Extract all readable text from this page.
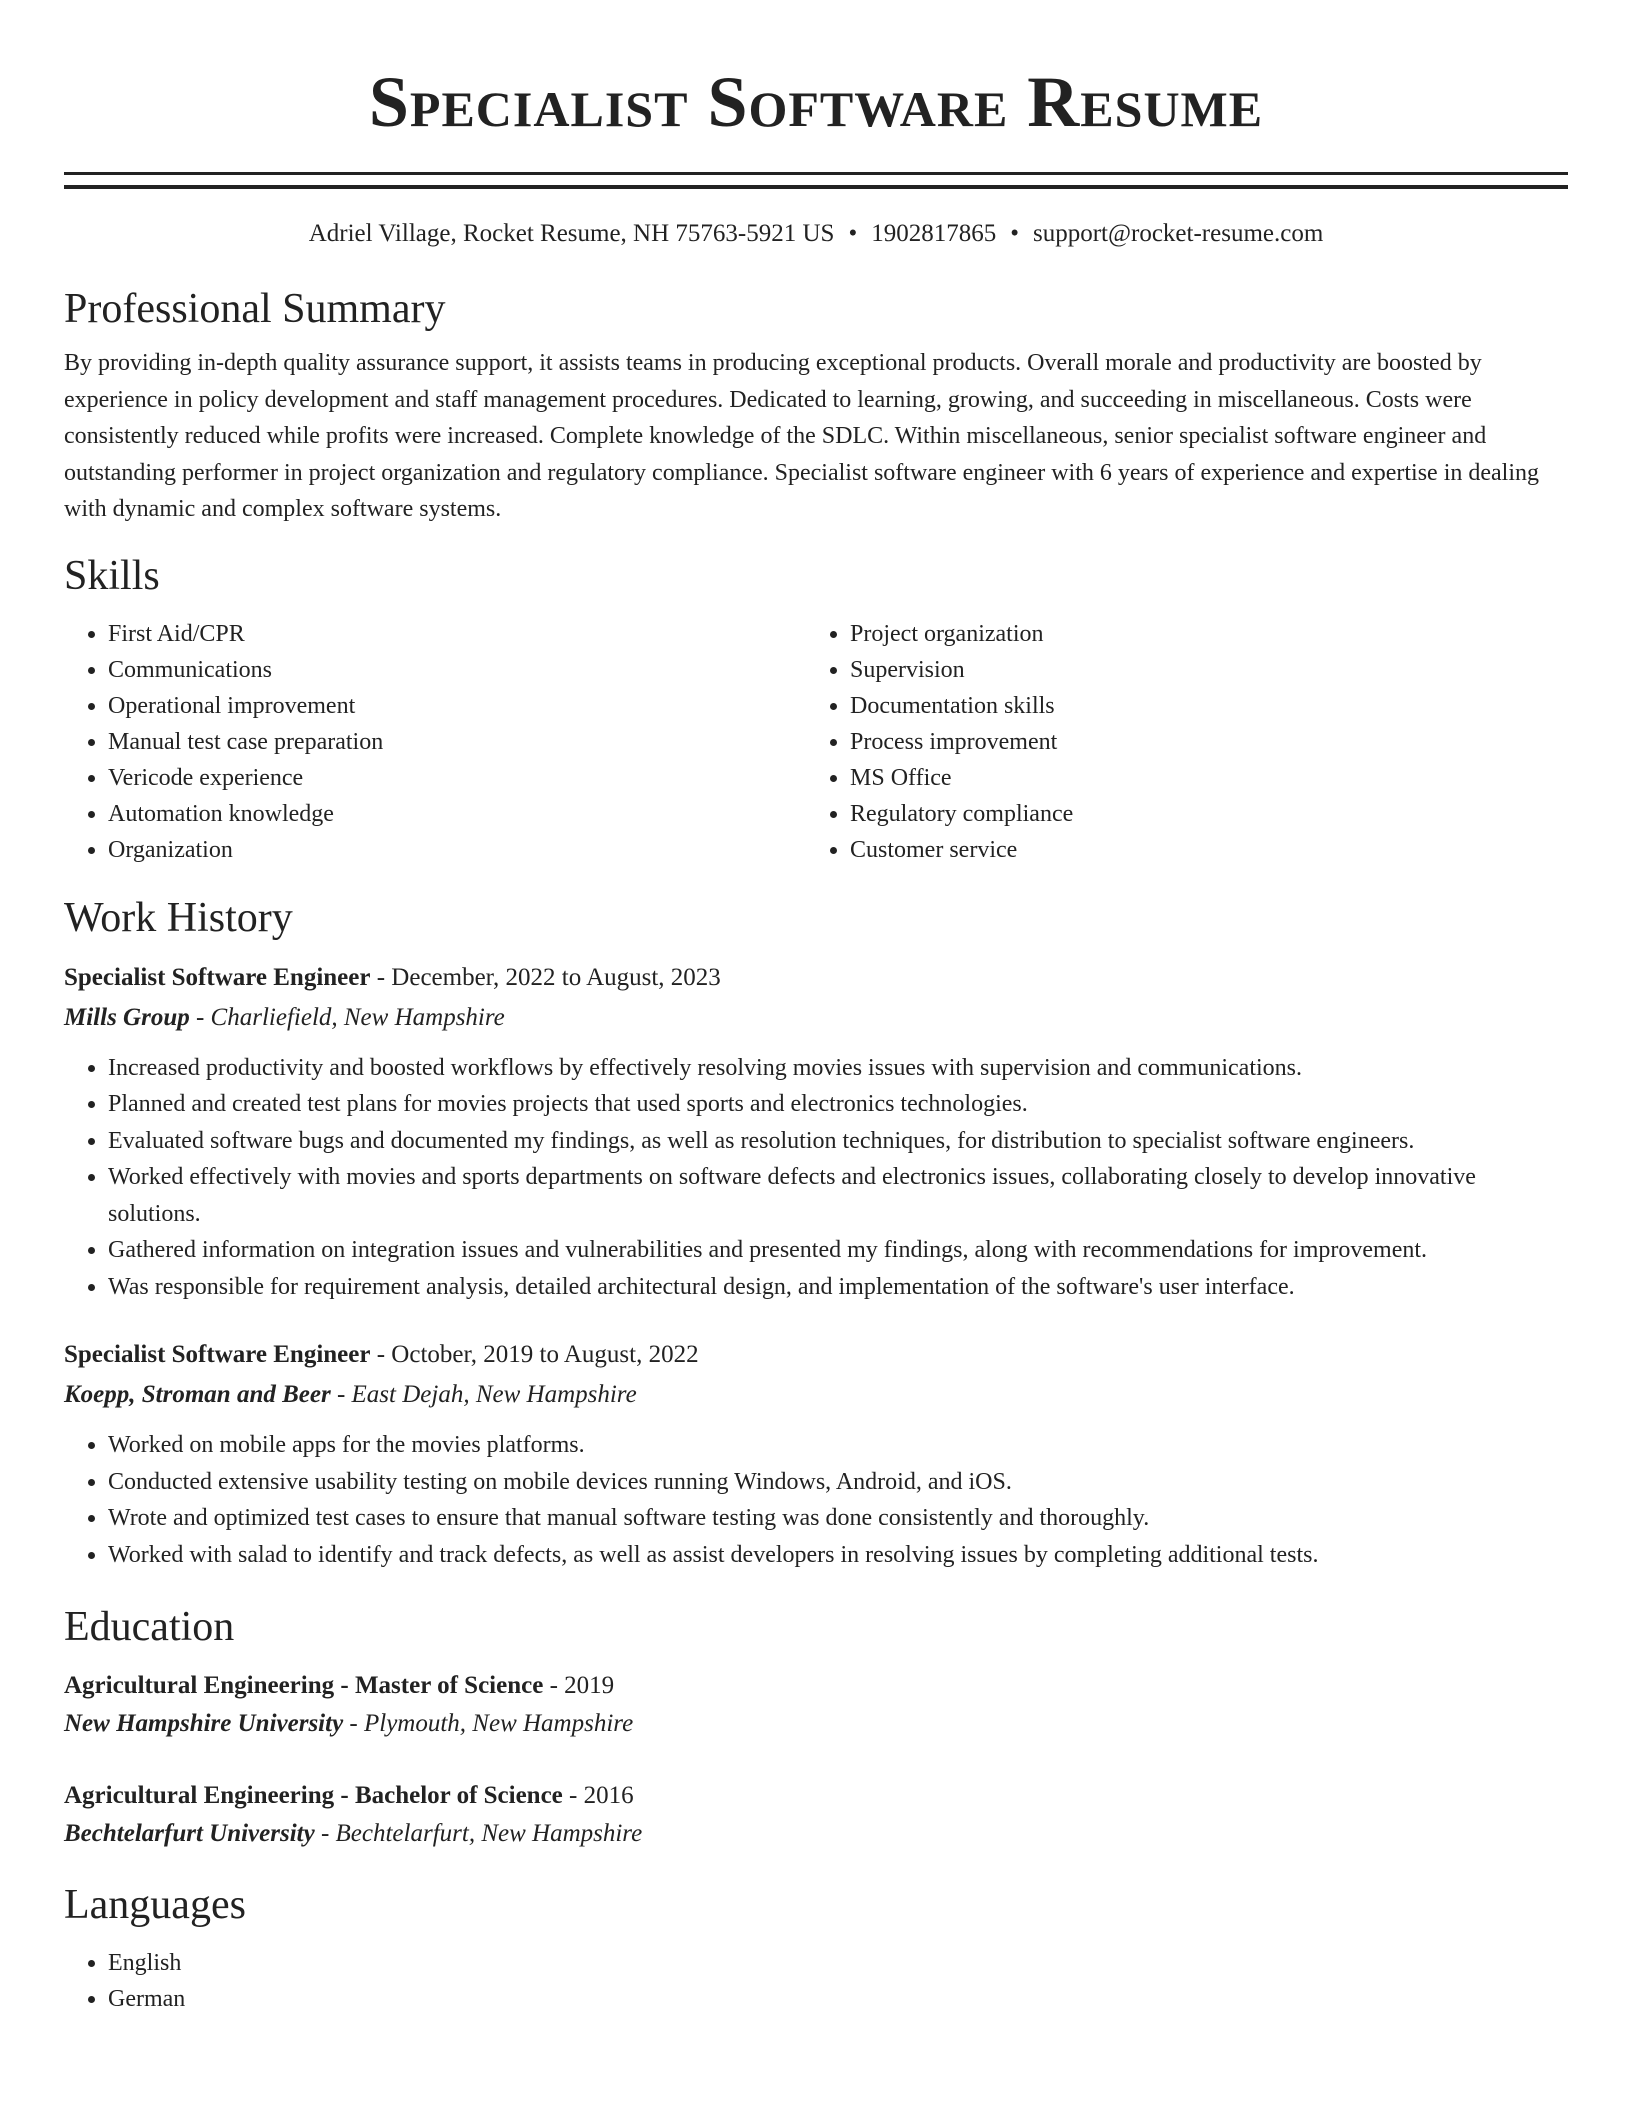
Specialist Software Resume
Adriel Village, Rocket Resume, NH 75763-5921 US • 1902817865 • support@rocket-resume.com
Professional Summary

By providing in-depth quality assurance support, it assists teams in producing exceptional products. Overall morale and productivity are boosted by experience in policy development and staff management procedures. Dedicated to learning, growing, and succeeding in miscellaneous. Costs were consistently reduced while profits were increased. Complete knowledge of the SDLC. Within miscellaneous, senior specialist software engineer and outstanding performer in project organization and regulatory compliance. Specialist software engineer with 6 years of experience and expertise in dealing with dynamic and complex software systems.

Skills
• First Aid/CPR
• Communications
• Operational improvement
• Manual test case preparation
• Vericode experience
• Automation knowledge
• Organization
• Project organization
• Supervision
• Documentation skills
• Process improvement
• MS Office
• Regulatory compliance
• Customer service
Work History
Specialist Software Engineer - December, 2022 to August, 2023
Mills Group - Charliefield, New Hampshire
• Increased productivity and boosted workflows by effectively resolving movies issues with supervision and communications.
• Planned and created test plans for movies projects that used sports and electronics technologies.
• Evaluated software bugs and documented my findings, as well as resolution techniques, for distribution to specialist software engineers.
• Worked effectively with movies and sports departments on software defects and electronics issues, collaborating closely to develop innovative solutions.
• Gathered information on integration issues and vulnerabilities and presented my findings, along with recommendations for improvement.
• Was responsible for requirement analysis, detailed architectural design, and implementation of the software's user interface.
Specialist Software Engineer - October, 2019 to August, 2022
Koepp, Stroman and Beer - East Dejah, New Hampshire
• Worked on mobile apps for the movies platforms.
• Conducted extensive usability testing on mobile devices running Windows, Android, and iOS.
• Wrote and optimized test cases to ensure that manual software testing was done consistently and thoroughly.
• Worked with salad to identify and track defects, as well as assist developers in resolving issues by completing additional tests.
Education
Agricultural Engineering - Master of Science - 2019
New Hampshire University - Plymouth, New Hampshire
Agricultural Engineering - Bachelor of Science - 2016
Bechtelarfurt University - Bechtelarfurt, New Hampshire
Languages
• English
• German
